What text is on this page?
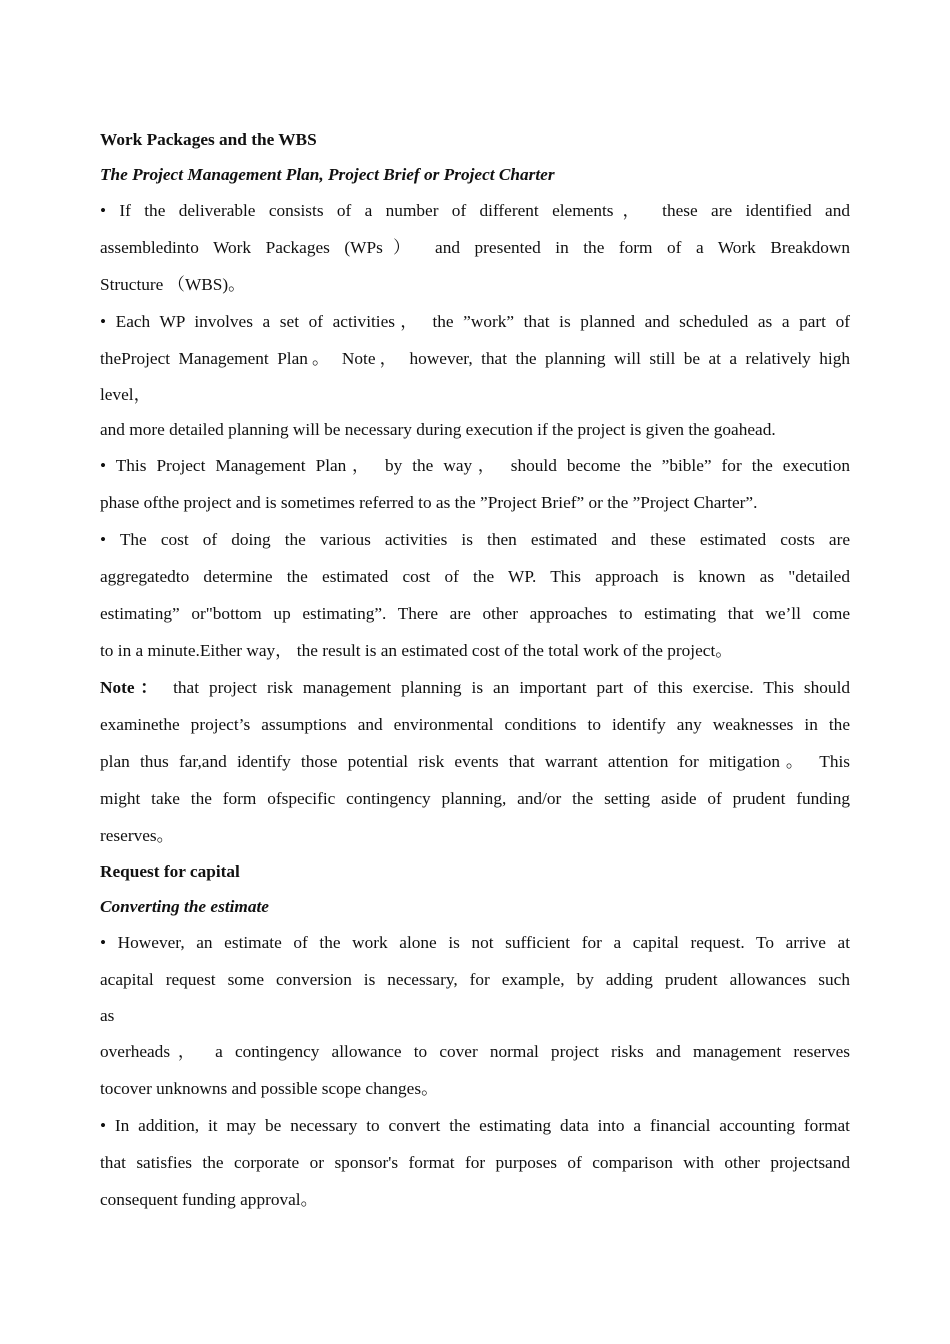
Work Packages and the WBS
The Project Management Plan, Project Brief or Project Charter
• If the deliverable consists of a number of different elements， these are identified and
assembledinto Work Packages (WPs） and presented in the form of a Work Breakdown
Structure （WBS)。
• Each WP involves a set of activities， the ”work” that is planned and scheduled as a part of
theProject Management Plan。 Note， however, that the planning will still be at a relatively high
level，
and more detailed planning will be necessary during execution if the project is given the goahead.
• This Project Management Plan， by the way， should become the ”bible” for the execution
phase ofthe project and is sometimes referred to as the ”Project Brief” or the ”Project Charter”.
• The cost of doing the various activities is then estimated and these estimated costs are
aggregatedto determine the estimated cost of the WP. This approach is known as "detailed
estimating” or"bottom up estimating”. There are other approaches to estimating that we’ll come
to in a minute.Either way， the result is an estimated cost of the total work of the project。
Note： that project risk management planning is an important part of this exercise. This should
examinethe project’s assumptions and environmental conditions to identify any weaknesses in the
plan thus far,and identify those potential risk events that warrant attention for mitigation。 This
might take the form ofspecific contingency planning, and/or the setting aside of prudent funding
reserves。
Request for capital
Converting the estimate
• However, an estimate of the work alone is not sufficient for a capital request. To arrive at
acapital request some conversion is necessary, for example, by adding prudent allowances such
as
overheads， a contingency allowance to cover normal project risks and management reserves
tocover unknowns and possible scope changes。
• In addition, it may be necessary to convert the estimating data into a financial accounting format
that satisfies the corporate or sponsor's format for purposes of comparison with other projectsand
consequent funding approval。
